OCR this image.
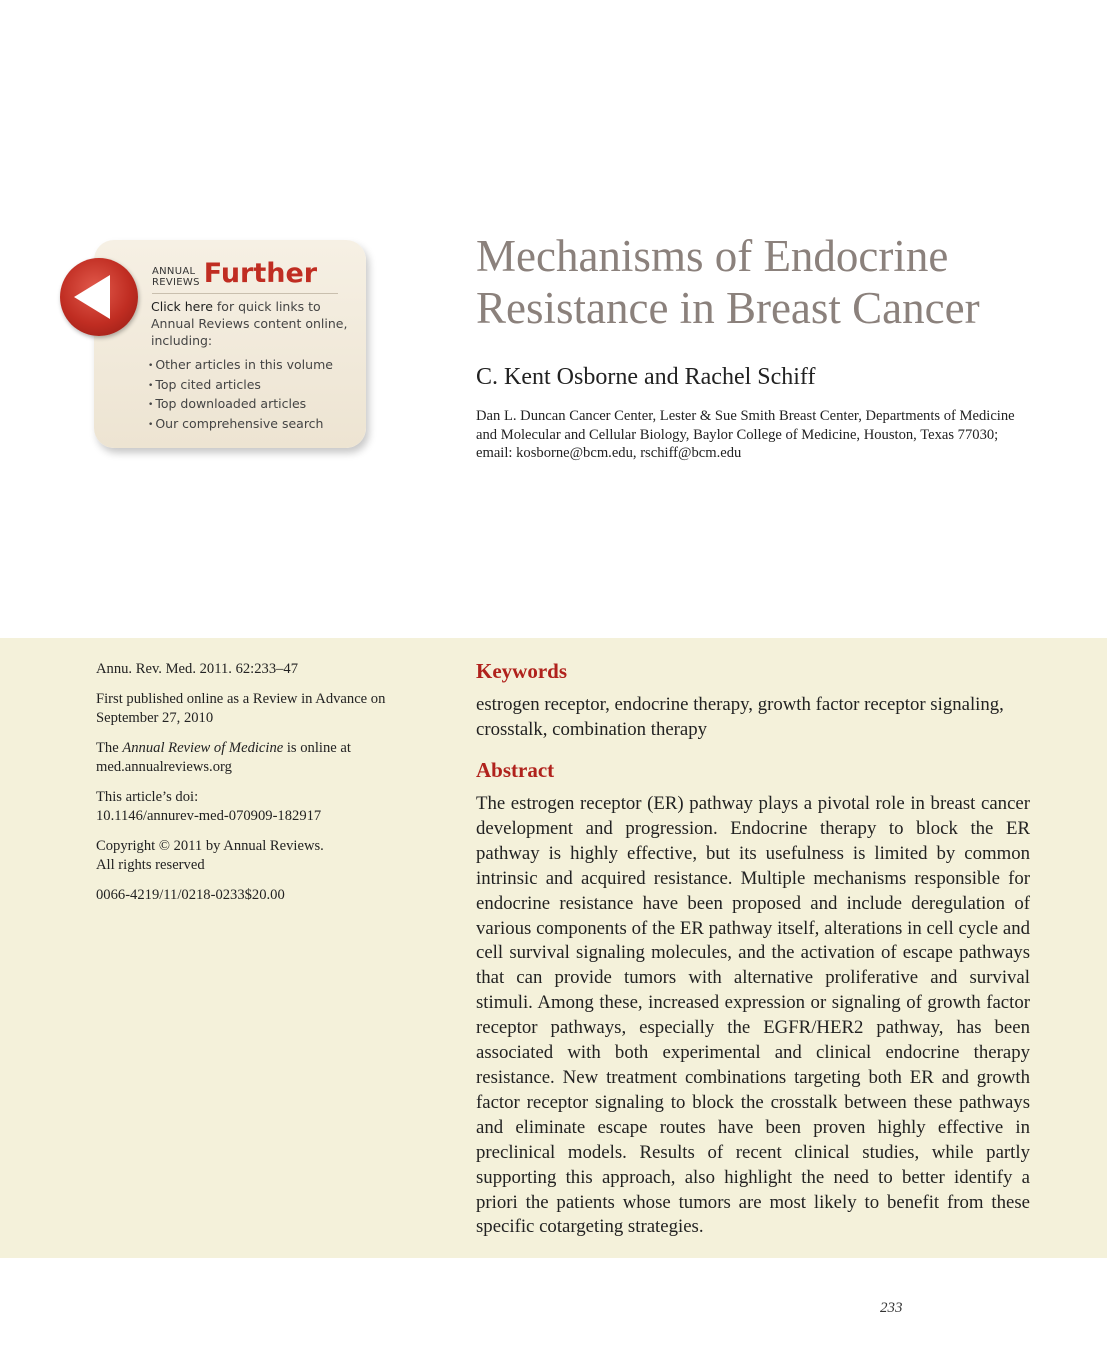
ANNUAL
REVIEWS Further
Click here for quick links to Annual Reviews content online, including:
• Other articles in this volume
• Top cited articles
• Top downloaded articles
• Our comprehensive search
Mechanisms of Endocrine Resistance in Breast Cancer
C. Kent Osborne and Rachel Schiff
Dan L. Duncan Cancer Center, Lester & Sue Smith Breast Center, Departments of Medicine and Molecular and Cellular Biology, Baylor College of Medicine, Houston, Texas 77030; email: kosborne@bcm.edu, rschiff@bcm.edu

Annu. Rev. Med. 2011. 62:233–47

First published online as a Review in Advance on
September 27, 2010

The Annual Review of Medicine is online at
med.annualreviews.org

This article’s doi:
10.1146/annurev-med-070909-182917

Copyright © 2011 by Annual Reviews.
All rights reserved

0066-4219/11/0218-0233$20.00

Keywords
estrogen receptor, endocrine therapy, growth factor receptor signaling, crosstalk, combination therapy
Abstract
The estrogen receptor (ER) pathway plays a pivotal role in breast cancer development and progression. Endocrine therapy to block the ER pathway is highly effective, but its usefulness is limited by common intrinsic and acquired resistance. Multiple mechanisms responsible for endocrine resistance have been proposed and include deregulation of various components of the ER pathway itself, alterations in cell cycle and cell survival signaling molecules, and the activation of escape pathways that can provide tumors with alternative proliferative and survival stimuli. Among these, increased expression or signaling of growth factor receptor pathways, especially the EGFR/HER2 pathway, has been associated with both experimental and clinical endocrine therapy resistance. New treatment combinations targeting both ER and growth factor receptor signaling to block the crosstalk between these pathways and eliminate escape routes have been proven highly effective in preclinical models. Results of recent clinical studies, while partly supporting this approach, also highlight the need to better identify a priori the patients whose tumors are most likely to benefit from these specific cotargeting strategies.
233
